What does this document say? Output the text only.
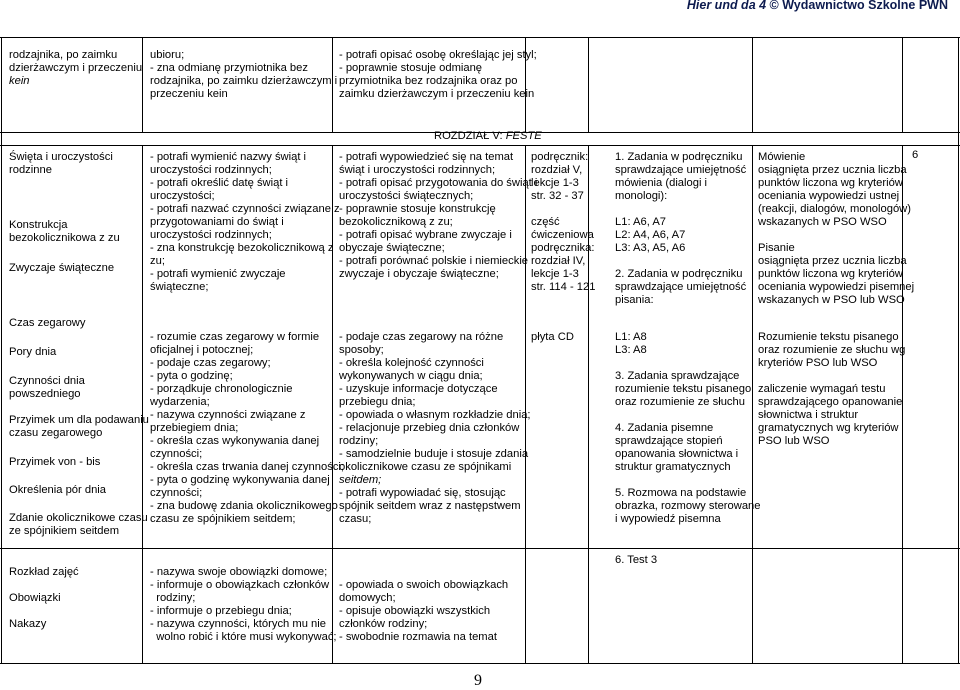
Hier und da 4 © Wydawnictwo Szkolne PWN
rodzajnika, po zaimku
dzierżawczym i przeczeniu
kein
ubioru;
- zna odmianę przymiotnika bez
rodzajnika, po zaimku dzierżawczym i
przeczeniu kein
- potrafi opisać osobę określając jej styl;
- poprawnie stosuje odmianę
przymiotnika bez rodzajnika oraz po
zaimku dzierżawczym i przeczeniu kein
ROZDZIAŁ V: FESTE
Święta i uroczystości
rodzinne
Konstrukcja
bezokolicznikowa z zu
Zwyczaje świąteczne
Czas zegarowy
Pory dnia
Czynności dnia
powszedniego
Przyimek um dla podawaniu
czasu zegarowego
Przyimek von - bis
Określenia pór dnia
Zdanie okolicznikowe czasu
ze spójnikiem seitdem
- potrafi wymienić nazwy świąt i
uroczystości rodzinnych;
- potrafi określić datę świąt i
uroczystości;
- potrafi nazwać czynności związane z
przygotowaniami do świąt i
uroczystości rodzinnych;
- zna konstrukcję bezokolicznikową z
zu;
- potrafi wymienić zwyczaje
świąteczne;
- rozumie czas zegarowy w formie
oficjalnej i potocznej;
- podaje czas zegarowy;
- pyta o godzinę;
- porządkuje chronologicznie
wydarzenia;
- nazywa czynności związane z
przebiegiem dnia;
- określa czas wykonywania danej
czynności;
- określa czas trwania danej czynności;
- pyta o godzinę wykonywania danej
czynności;
- zna budowę zdania okolicznikowego
czasu ze spójnikiem seitdem;
- potrafi wypowiedzieć się na temat
świąt i uroczystości rodzinnych;
- potrafi opisać przygotowania do świąt i
uroczystości świątecznych;
- poprawnie stosuje konstrukcję
bezokolicznikową z zu;
- potrafi opisać wybrane zwyczaje i
obyczaje świąteczne;
- potrafi porównać polskie i niemieckie
zwyczaje i obyczaje świąteczne;
- podaje czas zegarowy na różne
sposoby;
- określa kolejność czynności
wykonywanych w ciągu dnia;
- uzyskuje informacje dotyczące
przebiegu dnia;
- opowiada o własnym rozkładzie dnia;
- relacjonuje przebieg dnia członków
rodziny;
- samodzielnie buduje i stosuje zdania
okolicznikowe czasu ze spójnikami
seitdem;
- potrafi wypowiadać się, stosując
spójnik seitdem wraz z następstwem
czasu;
podręcznik:
rozdział V,
lekcje 1-3
str. 32 - 37
część
ćwiczeniowa
podręcznika:
rozdział IV,
lekcje 1-3
str. 114 - 121
płyta CD
1. Zadania w podręczniku
sprawdzające umiejętność
mówienia (dialogi i
monologi):
L1: A6, A7
L2: A4, A6, A7
L3: A3, A5, A6
2. Zadania w podręczniku
sprawdzające umiejętność
pisania:
L1: A8
L3: A8
3. Zadania sprawdzające
rozumienie tekstu pisanego
oraz rozumienie ze słuchu
4. Zadania pisemne
sprawdzające stopień
opanowania słownictwa i
struktur gramatycznych
5. Rozmowa na podstawie
obrazka, rozmowy sterowane
i wypowiedź pisemna
6. Test 3
Mówienie
osiągnięta przez ucznia liczba
punktów liczona wg kryteriów
oceniania wypowiedzi ustnej
(reakcji, dialogów, monologów)
wskazanych w PSO WSO
Pisanie
osiągnięta przez ucznia liczba
punktów liczona wg kryteriów
oceniania wypowiedzi pisemnej
wskazanych w PSO lub WSO
Rozumienie tekstu pisanego
oraz rozumienie ze słuchu wg
kryteriów PSO lub WSO
zaliczenie wymagań testu
sprawdzającego opanowanie
słownictwa i struktur
gramatycznych wg kryteriów
PSO lub WSO
6
Rozkład zajęć
Obowiązki
Nakazy
- nazywa swoje obowiązki domowe;
- informuje o obowiązkach członków
rodziny;
- informuje o przebiegu dnia;
- nazywa czynności, których mu nie
wolno robić i które musi wykonywać;
- opowiada o swoich obowiązkach
domowych;
- opisuje obowiązki wszystkich
członków rodziny;
- swobodnie rozmawia na temat
9
